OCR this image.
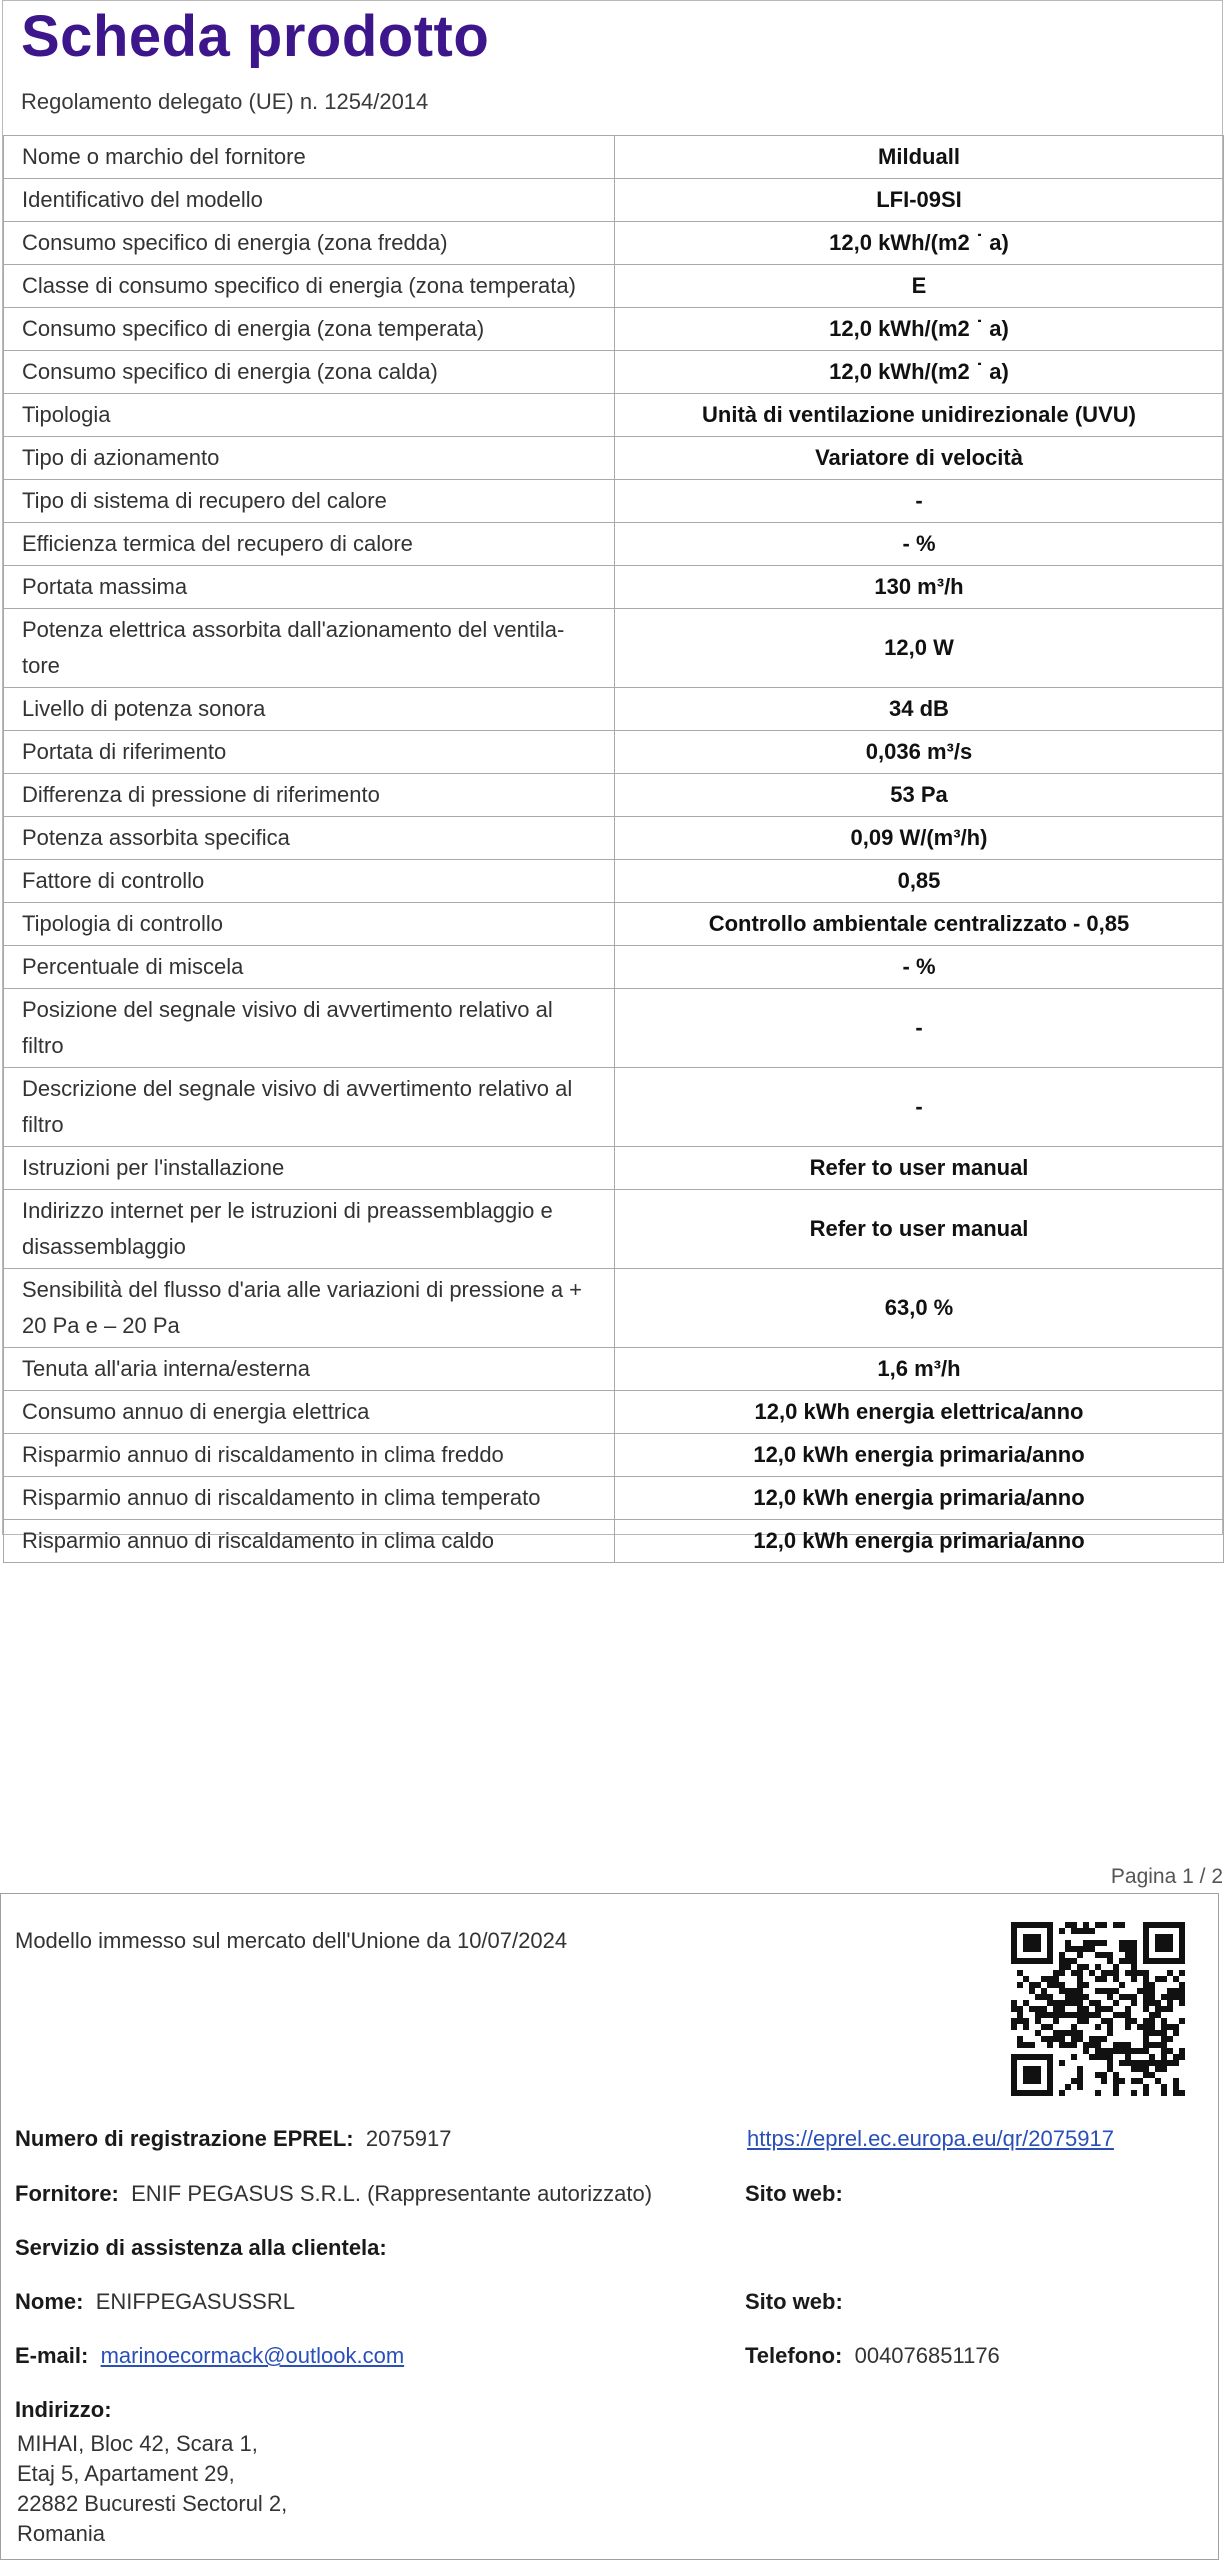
Scheda prodotto
Regolamento delegato (UE) n. 1254/2014
Nome o marchio del fornitore	Milduall
Identificativo del modello	LFI-09SI
Consumo specifico di energia (zona fredda)	12,0 kWh/(m2 ˙ a)
Classe di consumo specifico di energia (zona temperata)	E
Consumo specifico di energia (zona temperata)	12,0 kWh/(m2 ˙ a)
Consumo specifico di energia (zona calda)	12,0 kWh/(m2 ˙ a)
Tipologia	Unità di ventilazione unidirezionale (UVU)
Tipo di azionamento	Variatore di velocità
Tipo di sistema di recupero del calore	-
Efficienza termica del recupero di calore	- %
Portata massima	130 m³/h
Potenza elettrica assorbita dall'azionamento del ventila-tore	12,0 W
Livello di potenza sonora	34 dB
Portata di riferimento	0,036 m³/s
Differenza di pressione di riferimento	53 Pa
Potenza assorbita specifica	0,09 W/(m³/h)
Fattore di controllo	0,85
Tipologia di controllo	Controllo ambientale centralizzato - 0,85
Percentuale di miscela	- %
Posizione del segnale visivo di avvertimento relativo al filtro	-
Descrizione del segnale visivo di avvertimento relativo al filtro	-
Istruzioni per l'installazione	Refer to user manual
Indirizzo internet per le istruzioni di preassemblaggio e disassemblaggio	Refer to user manual
Sensibilità del flusso d'aria alle variazioni di pressione a + 20 Pa e – 20 Pa	63,0 %
Tenuta all'aria interna/esterna	1,6 m³/h
Consumo annuo di energia elettrica	12,0 kWh energia elettrica/anno
Risparmio annuo di riscaldamento in clima freddo	12,0 kWh energia primaria/anno
Risparmio annuo di riscaldamento in clima temperato	12,0 kWh energia primaria/anno
Risparmio annuo di riscaldamento in clima caldo	12,0 kWh energia primaria/anno
Pagina 1 / 2
Modello immesso sul mercato dell'Unione da 10/07/2024
Numero di registrazione EPREL: 2075917	https://eprel.ec.europa.eu/qr/2075917
Fornitore: ENIF PEGASUS S.R.L. (Rappresentante autorizzato)	Sito web:
Servizio di assistenza alla clientela:
Nome: ENIFPEGASUSSRL	Sito web:
E-mail: marinoecormack@outlook.com	Telefono: 004076851176
Indirizzo:
MIHAI, Bloc 42, Scara 1,
Etaj 5, Apartament 29,
22882 Bucuresti Sectorul 2,
Romania
